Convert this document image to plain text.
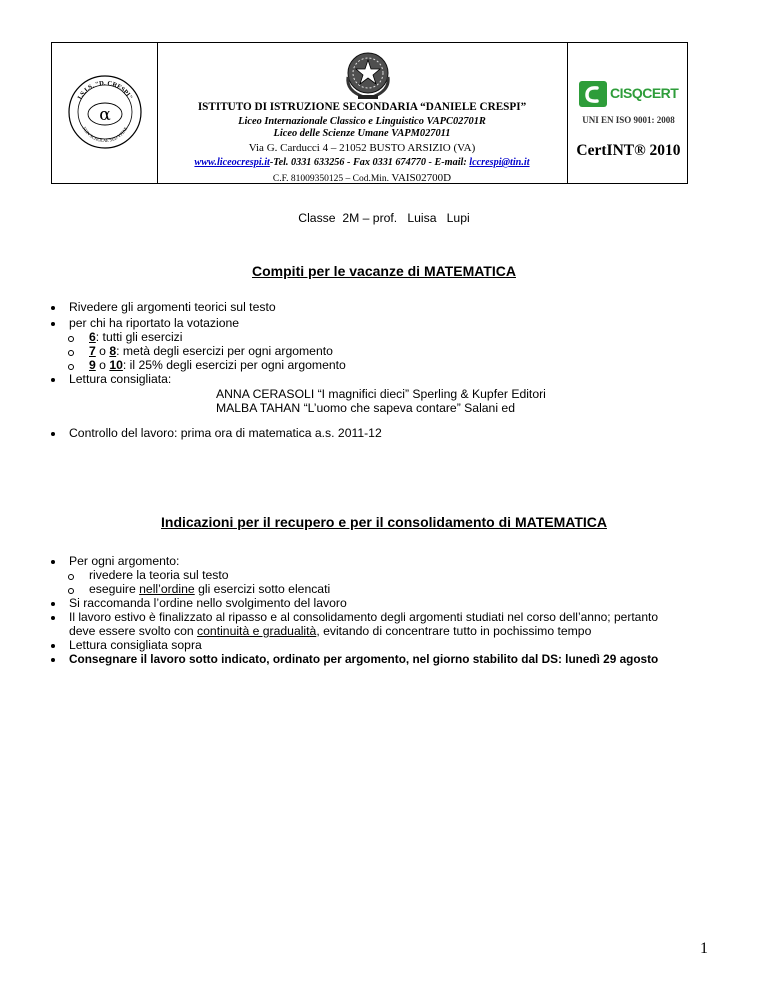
I.S.I.S. "D. CRESPI"
NON SCHOLAE SED VITAE
α	ISTITUTO DI ISTRUZIONE SECONDARIA “DANIELE CRESPI”
Liceo Internazionale Classico e Linguistico VAPC02701R
Liceo delle Scienze Umane VAPM027011
Via G. Carducci 4 – 21052 BUSTO ARSIZIO (VA)
www.liceocrespi.it-Tel. 0331 633256 - Fax 0331 674770 - E-mail: lccrespi@tin.it
C.F. 81009350125 – Cod.Min. VAIS02700D
CISQCERT
UNI EN ISO 9001: 2008
CertINT® 2010
Classe  2M – prof.   Luisa   Lupi
Compiti per le vacanze di MATEMATICA
Rivedere gli argomenti teorici sul testo
per chi ha riportato la votazione
6: tutti gli esercizi
7 o 8: metà degli esercizi per ogni argomento
9 o 10: il 25% degli esercizi per ogni argomento
Lettura consigliata:
ANNA CERASOLI “I magnifici dieci” Sperling & Kupfer Editori
MALBA TAHAN “L’uomo che sapeva contare” Salani ed
Controllo del lavoro: prima ora di matematica a.s. 2011-12
Indicazioni per il recupero e per il consolidamento di MATEMATICA
Per ogni argomento:
rivedere la teoria sul testo
eseguire nell’ordine gli esercizi sotto elencati
Si raccomanda l’ordine nello svolgimento del lavoro
Il lavoro estivo è finalizzato al ripasso e al consolidamento degli argomenti studiati nel corso dell’anno; pertanto
deve essere svolto con continuità e gradualità, evitando di concentrare tutto in pochissimo tempo
Lettura consigliata sopra
Consegnare il lavoro sotto indicato, ordinato per argomento, nel giorno stabilito dal DS: lunedì 29 agosto
1
